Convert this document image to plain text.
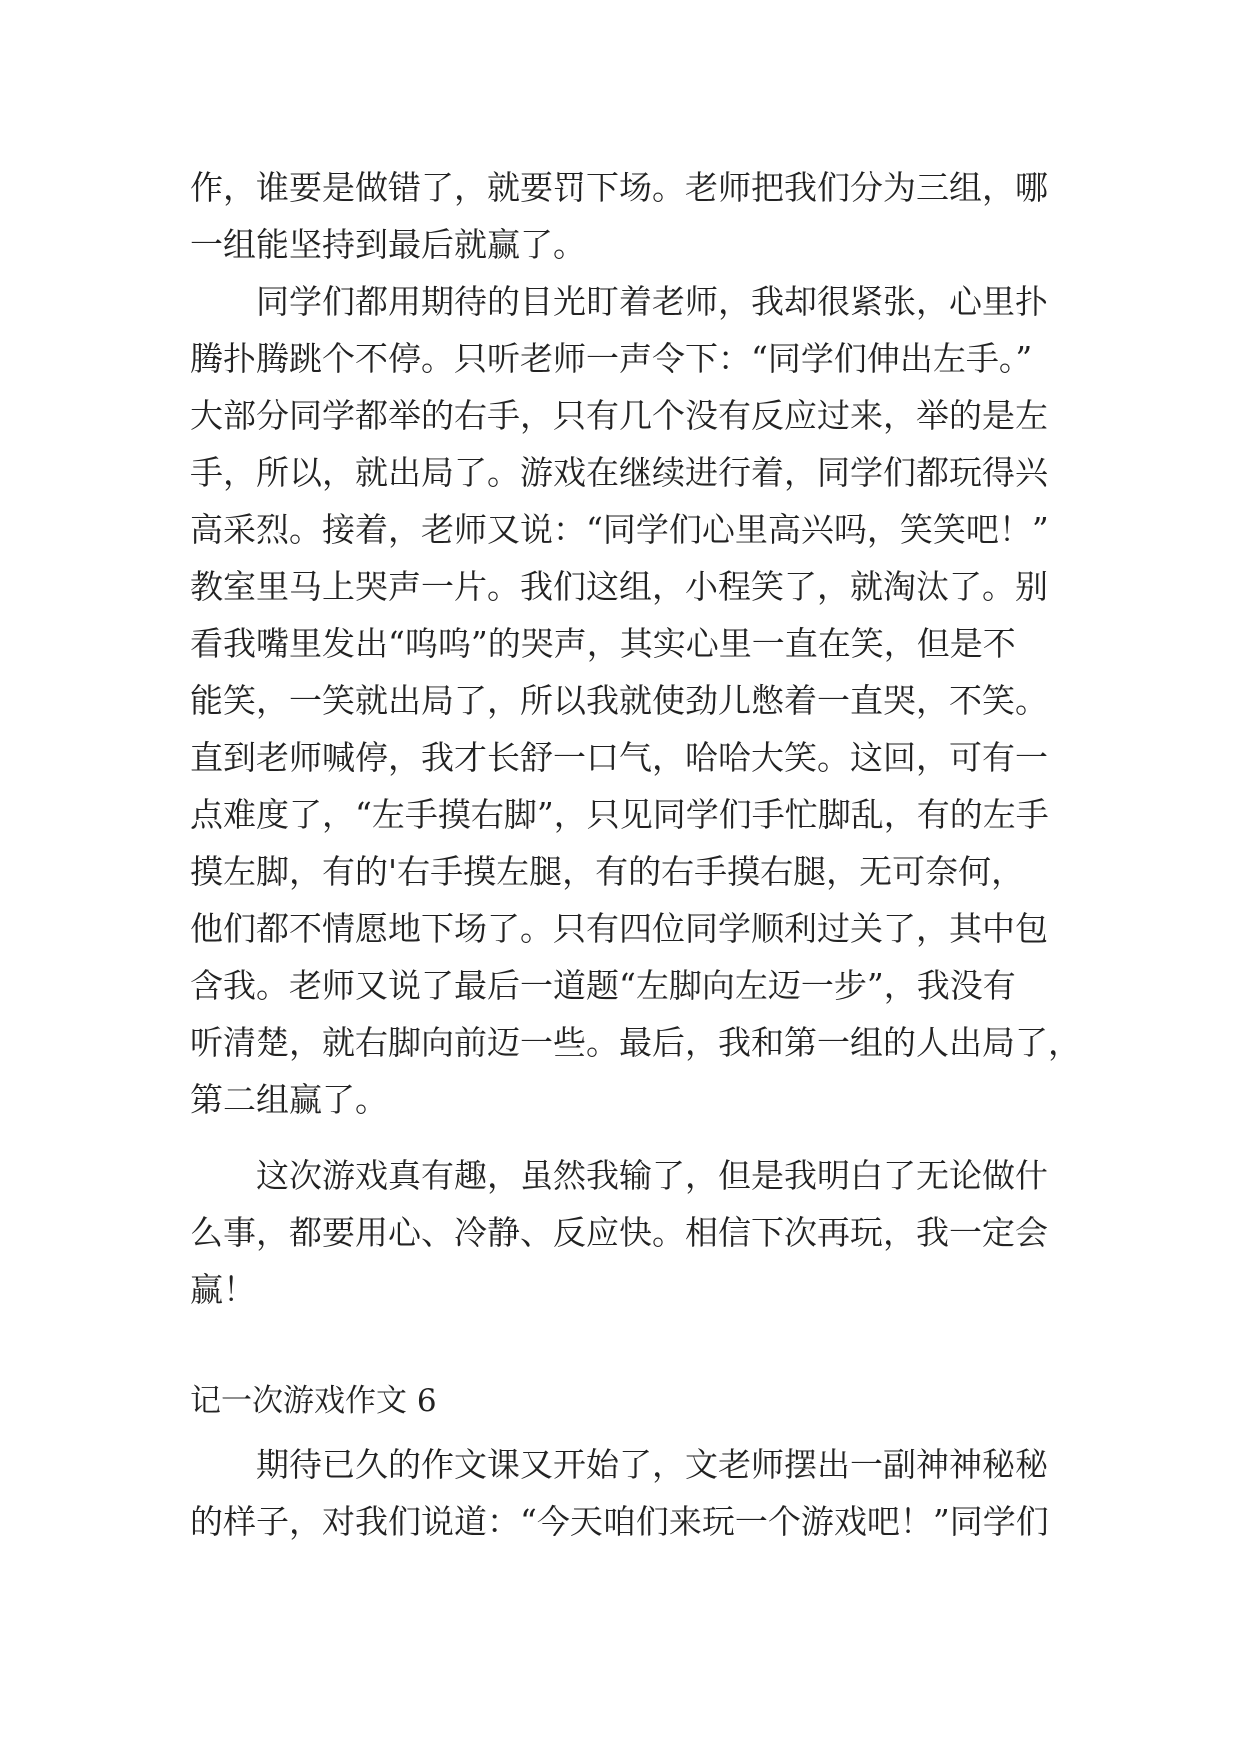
作，谁要是做错了，就要罚下场。老师把我们分为三组，哪
一组能坚持到最后就赢了。
同学们都用期待的目光盯着老师，我却很紧张，心里扑
腾扑腾跳个不停。只听老师一声令下：“同学们伸出左手。”
大部分同学都举的右手，只有几个没有反应过来，举的是左
手，所以，就出局了。游戏在继续进行着，同学们都玩得兴
高采烈。接着，老师又说：“同学们心里高兴吗，笑笑吧！”
教室里马上哭声一片。我们这组，小程笑了，就淘汰了。别
看我嘴里发出“呜呜”的哭声，其实心里一直在笑，但是不
能笑，一笑就出局了，所以我就使劲儿憋着一直哭，不笑。
直到老师喊停，我才长舒一口气，哈哈大笑。这回，可有一
点难度了，“左手摸右脚”，只见同学们手忙脚乱，有的左手
摸左脚，有的'右手摸左腿，有的右手摸右腿，无可奈何，
他们都不情愿地下场了。只有四位同学顺利过关了，其中包
含我。老师又说了最后一道题“左脚向左迈一步”，我没有
听清楚，就右脚向前迈一些。最后，我和第一组的人出局了，
第二组赢了。
这次游戏真有趣，虽然我输了，但是我明白了无论做什
么事，都要用心、冷静、反应快。相信下次再玩，我一定会
赢！
记一次游戏作文 6
期待已久的作文课又开始了，文老师摆出一副神神秘秘
的样子，对我们说道：“今天咱们来玩一个游戏吧！”同学们
